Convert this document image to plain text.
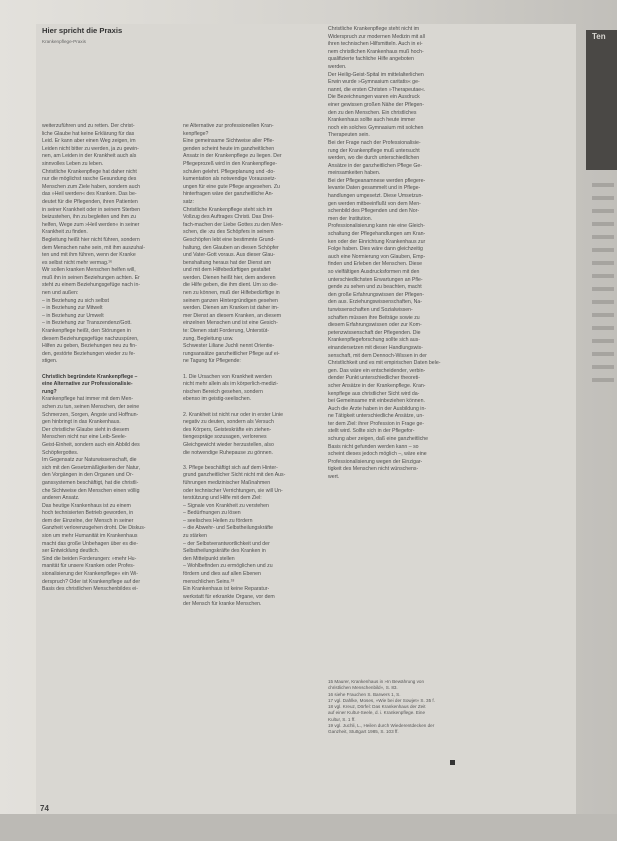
Hier spricht die Praxis
Krankenpflege-Praxis

weiterzuführen und zu retten. Der christ-

liche Glaube hat keine Erklärung für das

Leid. Er kann aber einen Weg zeigen, im

Leiden nicht bitter zu werden, ja zu gewin-

nen, am Leiden in der Krankheit auch als

sinnvolles Leben zu leben.

Christliche Krankenpflege hat daher nicht

nur die möglichst rasche Gesundung des

Menschen zum Ziele haben, sondern auch

das »Heil werden« des Kranken. Das be-

deutet für die Pflegenden, ihren Patienten

in seiner Krankheit oder in seinem Sterben

beizustehen, ihn zu begleiten und ihm zu

helfen, Wege zum »Heil werden« in seiner

Krankheit zu finden.

Begleitung heißt hier nicht führen, sondern

dem Menschen nahe sein, mit ihm auszuhal-

ten und mit ihm führen, wenn der Kranke

es selbst nicht mehr vermag.¹⁶

Wir sollen kranken Menschen helfen will,

muß ihn in seinen Beziehungen achten. Er

steht zu einem Beziehungsgefüge nach in-

nen und außen:

– in Beziehung zu sich selbst

– in Beziehung zur Mitwelt

– in Beziehung zur Umwelt

– in Beziehung zur Transzendenz/Gott.

Krankenpflege heißt, den Störungen in

diesem Beziehungsgefüge nachzuspüren,

Hilfen zu geben, Beziehungen neu zu fin-

den, gestörte Beziehungen wieder zu fe-

stigen.

Christlich begründete Krankenpflege –

eine Alternative zur Professionalisie-

rung?

Krankenpflege hat immer mit dem Men-

schen zu tun, seinen Menschen, der seine

Schmerzen, Sorgen, Ängste und Hoffnun-

gen hinbringt in das Krankenhaus.

Der christliche Glaube sieht in diesem

Menschen nicht nur eine Leib-Seele-

Geist-Einheit, sondern auch ein Abbild des

Schöpfergottes.

Im Gegensatz zur Naturwissenschaft, die

sich mit den Gesetzmäßigkeiten der Natur,

den Vorgängen in den Organen und Or-

ganssystemen beschäftigt, hat die christli-

che Sichtweise den Menschen einen völlig

anderen Ansatz.

Das heutige Krankenhaus ist zu einem

hoch technisierten Betrieb geworden, in

dem der Einzelne, der Mensch in seiner

Ganzheit verlorenzugehen droht. Die Diskus-

sion um mehr Humanität im Krankenhaus

macht das große Unbehagen über es die-

ser Entwicklung deutlich.

Sind die beiden Forderungen: »mehr Hu-

manität für unsere Kranken oder Profes-

sionalisierung der Krankenpflege« ein Wi-

derspruch? Oder ist Krankenpflege auf der

Basis des christlichen Menschenbildes ei-

ne Alternative zur professionellen Kran-

kenpflege?

Eine gemeinsame Sichtweise aller Pfle-

genden scheint heute im ganzheitlichen

Ansatz in der Krankenpflege zu liegen. Der

Pflegeprozeß wird in den Krankenpflege-

schulen gelehrt. Pflegeplanung und -do-

kumentation als notwendige Voraussetz-

ungen für eine gute Pflege angesehen. Zu

hinterfragen wäre der ganzheitliche An-

satz:

Christliche Krankenpflege steht sich im

Vollzug des Auftrages Christi. Das Drei-

fach-machen der Liebe Gottes zu den Men-

schen, die ›zu des Schöpfers in seinem

Geschöpfen lebt eine bestimmte Grund-

haltung, den Glauben an diesen Schöpfer

und Vater-Gott voraus. Aus dieser Glau-

benshaltung heraus hat der Dienst am

und mit dem Hilfebedürftigen gestaltet

werden. Dienen heißt hier, dem anderen

die Hilfe geben, die ihm dient. Um so die-

nen zu können, muß der Hilfebedürftige in

seinem ganzen Hintergründigen gesehen

werden. Dienen am Kranken ist daher im-

mer Dienst an diesem Kranken, an diesem

einzelnen Menschen und ist eine Gesich-

te: Dienen statt Forderung, Unterstüt-

zung, Begleitung usw.

Schwester Liliane Juchli nennt Orientie-

rungsansätze ganzheitlicher Pflege auf ei-

ne Tagung für Pflegende:

1. Die Ursachen von Krankheit werden

nicht mehr allein als im körperlich-medizi-

nischen Bereich gesehen, sondern

ebenso im geistig-seelischen.

2. Krankheit ist nicht nur oder in erster Linie

negativ zu deuten, sondern als Versuch

des Körpers, Geisteskräfte ein ziehen-

tiengespräge sozusagen, verlorenes

Gleichgewicht wieder herzustellen, also

die notwendige Ruhepause zu gönnen.

3. Pflege beschäftigt sich auf dem Hinter-

grund ganzheitlicher Sicht nicht mit den Aus-

führungen medizinischer Maßnahmen

oder technischer Verrichtungen, sie will Un-

terstützung und Hilfe mit dem Ziel:

– Signale von Krankheit zu verstehen

– Bedürfnungen zu lösen

– seelisches Heilen zu fördern

– die Abwehr- und Selbstheilungskräfte

zu stärken

– der Selbstverantwortlichkeit und der

Selbstheilungskräfte des Kranken in

den Mittelpunkt stellen

– Wohlbefinden zu ermöglichen und zu

fördern und dies auf allen Ebenen

menschlichen Seins.¹⁸

Ein Krankenhaus ist keine Reparatur-

werkstatt für erkrankte Organe, vor dem

der Mensch für kranke Menschen.

Christliche Krankenpflege steht nicht im

Widerspruch zur modernen Medizin mit all

ihren technischen Hilfsmitteln. Auch in ei-

nem christlichen Krankenhaus muß hoch-

qualifizierte fachliche Hilfe angeboten

werden.

Der Heilig-Geist-Spital im mittelalterlichen

Erwin wurde »Gymnasium caritatis« ge-

nannt, die ersten Christen »Therapeutae«.

Die Bezeichnungen waren ein Ausdruck

einer gewissen großen Nähe der Pflegen-

den zu den Menschen. Ein christliches

Krankenhaus sollte auch heute immer

noch ein solches Gymnasium mit solchen

Therapeuten sein.

Bei der Frage nach der Professionalisie-

rung der Krankenpflege muß untersucht

werden, wo die durch unterschiedlichen

Ansätze in der ganzheitlichen Pflege Ge-

meinsamkeiten haben.

Bei der Pflegeanamnese werden pflegere-

levante Daten gesammelt und in Pflege-

handlungen umgesetzt. Diese Umsetzun-

gen werden mitbeeinflußt von dem Men-

schenbild des Pflegenden und den Nor-

men der Institution.

Professionalisierung kann nie eine Gleich-

schaltung der Pflegehandlungen am Kran-

ken oder der Einrichtung Krankenhaus zur

Folge haben. Dies wäre dann gleichzeitig

auch eine Normierung von Glauben, Emp-

finden und Erleben der Menschen. Diese

so vielfältigen Ausdrucksformen mit den

unterschiedlichsten Erwartungen an Pfle-

gende zu sehen und zu beachten, macht

den große Erfahrungswissen der Pflegen-

den aus. Erziehungswissenschaften, Na-

turwissenschaften und Sozialwissen-

schaften müssen ihre Beiträge sowie zu

diesem Erfahrungswissen oder zur Kom-

petenzwissenschaft der Pflegenden. Die

Krankenpflegeforschung sollte sich aus-

einandersetzen mit dieser Handlungswis-

senschaft, mit dem Dennoch-Wissen in der

Christlichkeit und es mit empirischen Daten bele-

gen. Das wäre ein entscheidender, verbin-

dender Punkt unterschiedlicher theoreti-

scher Ansätze in der Krankenpflege. Kran-

kenpflege aus christlicher Sicht wird da-

bei Gemeinsame mit einbeziehen können.

Auch die Ärzte haben in der Ausbildung in-

ne Tätigkeit unterschiedliche Ansätze, un-

ter dem Ziel: ihrer Profession in Frage ge-

stellt wird. Sollte sich in der Pflegefor-

schung aber zeigen, daß eine ganzheitliche

Basis nicht gefunden werden kann – so

scheint dieses jedoch möglich –, wäre eine

Professionalisierung wegen der Einzigar-

tigkeit des Menschen nicht wünschens-

wert.

15 Maurer, Krankenhaus in »In Bewährung von

christlichen Menschenbild«, S. 83.

16 siehe Frauchen S. Barwers 1, S.

17 vgl. Dahlke, Moses, »Wie bei der Sowjet« S. 35 f.

18 vgl. Kreuz, Dörfel: Das Krankenhaus der Zeit

auf einer Kultur-Seele, d. i. Krankenpflege. Eine

Kultur, S. 1 ff.

19 vgl. Juchli, L., Heilen durch Wiederentdecken der

Ganzheit, Stuttgart 1985, S. 103 ff.

74
Ten
